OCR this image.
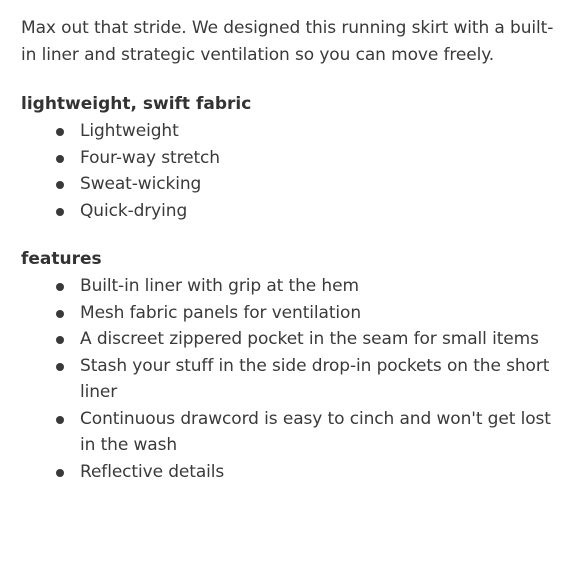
Max out that stride. We designed this running skirt with a built-in liner and strategic ventilation so you can move freely.

lightweight, swift fabric
Lightweight
Four-way stretch
Sweat-wicking
Quick-drying
features
Built-in liner with grip at the hem
Mesh fabric panels for ventilation
A discreet zippered pocket in the seam for small items
Stash your stuff in the side drop-in pockets on the short liner
Continuous drawcord is easy to cinch and won't get lost in the wash
Reflective details
